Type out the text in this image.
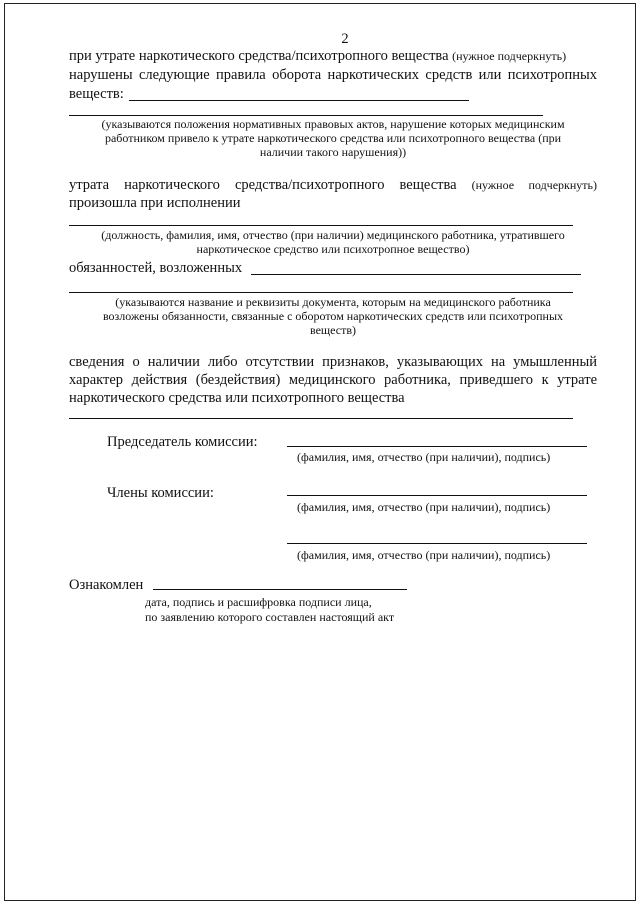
2
при утрате наркотического средства/психотропного вещества (нужное подчеркнуть)
нарушены следующие правила оборота наркотических средств или психотропных
веществ:
(указываются положения нормативных правовых актов, нарушение которых медицинским
работником привело к утрате наркотического средства или психотропного вещества (при
наличии такого нарушения))
утрата наркотического средства/психотропного вещества (нужное подчеркнуть)
произошла при исполнении
(должность, фамилия, имя, отчество (при наличии) медицинского работника, утратившего
наркотическое средство или психотропное вещество)
обязанностей, возложенных
(указываются название и реквизиты документа, которым на медицинского работника
возложены обязанности, связанные с оборотом наркотических средств или психотропных
веществ)
сведения о наличии либо отсутствии признаков, указывающих на умышленный
характер действия (бездействия) медицинского работника, приведшего к утрате
наркотического средства или психотропного вещества
Председатель комиссии:
(фамилия, имя, отчество (при наличии), подпись)
Члены комиссии:
(фамилия, имя, отчество (при наличии), подпись)
(фамилия, имя, отчество (при наличии), подпись)
Ознакомлен
дата, подпись и расшифровка подписи лица,
по заявлению которого составлен настоящий акт
